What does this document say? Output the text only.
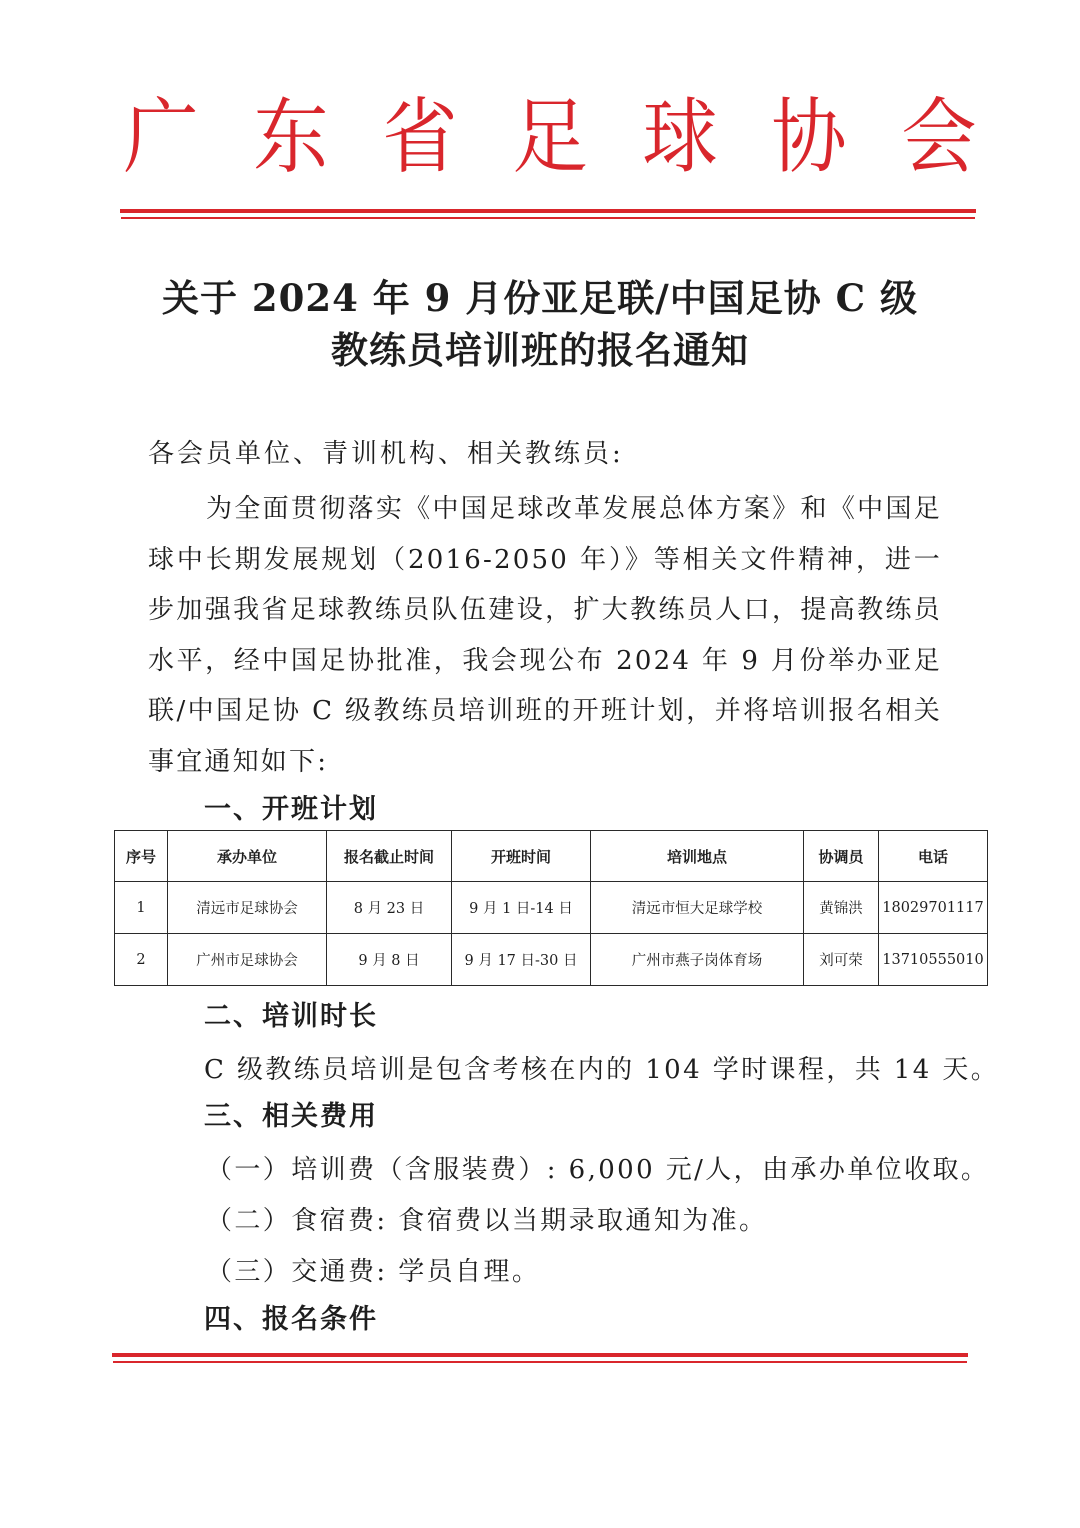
广 东 省 足 球 协 会
关于 2024 年 9 月份亚足联/中国足协 C 级
教练员培训班的报名通知
各会员单位、青训机构、相关教练员:

为全面贯彻落实《中国足球改革发展总体方案》和《中国足球中长期发展规划（2016-2050 年）》等相关文件精神，进一步加强我省足球教练员队伍建设，扩大教练员人口，提高教练员水平，经中国足协批准，我会现公布 2024 年 9 月份举办亚足联/中国足协 C 级教练员培训班的开班计划，并将培训报名相关事宜通知如下:

一、开班计划
序号	承办单位	报名截止时间	开班时间	培训地点	协调员	电话
1	清远市足球协会	8 月 23 日	9 月 1 日-14 日	清远市恒大足球学校	黄锦洪	18029701117
2	广州市足球协会	9 月 8 日	9 月 17 日-30 日	广州市燕子岗体育场	刘可荣	13710555010
二、培训时长
C 级教练员培训是包含考核在内的 104 学时课程，共 14 天。
三、相关费用
（一）培训费（含服装费）: 6,000 元/人，由承办单位收取。
（二）食宿费: 食宿费以当期录取通知为准。
（三）交通费: 学员自理。
四、报名条件
